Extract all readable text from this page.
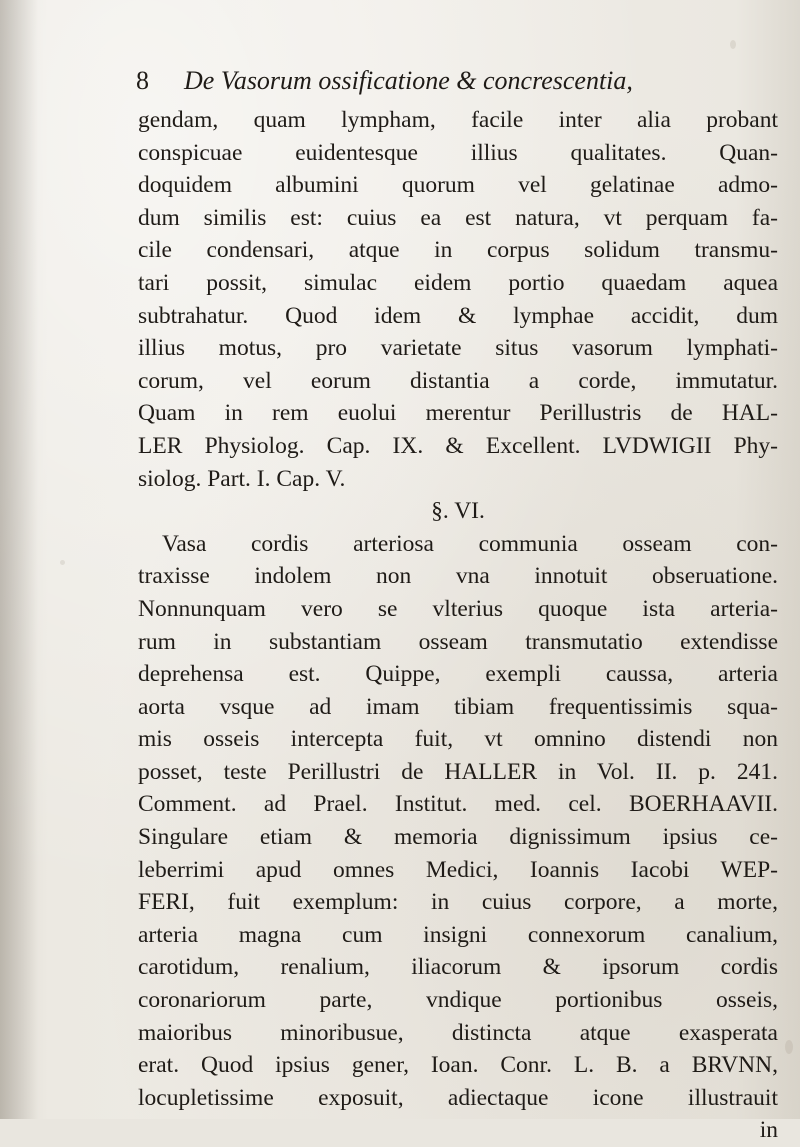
8	De Vasorum ossificatione & concrescentia,
gendam, quam lympham, facile inter alia probant
conspicuae euidentesque illius qualitates. Quan-
doquidem albumini quorum vel gelatinae admo-
dum similis est: cuius ea est natura, vt perquam fa-
cile condensari, atque in corpus solidum transmu-
tari possit, simulac eidem portio quaedam aquea
subtrahatur. Quod idem & lymphae accidit, dum
illius motus, pro varietate situs vasorum lymphati-
corum, vel eorum distantia a corde, immutatur.
Quam in rem euolui merentur Perillustris de HAL-
LER Physiolog. Cap. IX. & Excellent. LVDWIGII Phy-
siolog. Part. I. Cap. V.
§. VI.
Vasa cordis arteriosa communia osseam con-
traxisse indolem non vna innotuit obseruatione.
Nonnunquam vero se vlterius quoque ista arteria-
rum in substantiam osseam transmutatio extendisse
deprehensa est. Quippe, exempli caussa, arteria
aorta vsque ad imam tibiam frequentissimis squa-
mis osseis intercepta fuit, vt omnino distendi non
posset, teste Perillustri de HALLER in Vol. II. p. 241.
Comment. ad Prael. Institut. med. cel. BOERHAAVII.
Singulare etiam & memoria dignissimum ipsius ce-
leberrimi apud omnes Medici, Ioannis Iacobi WEP-
FERI, fuit exemplum: in cuius corpore, a morte,
arteria magna cum insigni connexorum canalium,
carotidum, renalium, iliacorum & ipsorum cordis
coronariorum parte, vndique portionibus osseis,
maioribus minoribusue, distincta atque exasperata
erat. Quod ipsius gener, Ioan. Conr. L. B. a BRVNN,
locupletissime exposuit, adiectaque icone illustrauit
in
